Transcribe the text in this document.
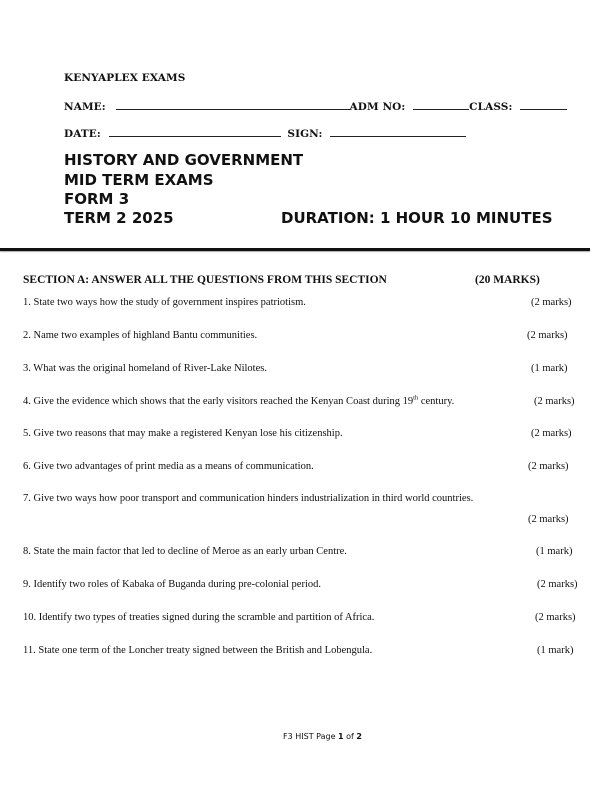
KENYAPLEX EXAMS
NAME:	ADM NO:	CLASS:
DATE:	SIGN:
HISTORY AND GOVERNMENT
MID TERM EXAMS
FORM 3
TERM 2 2025	DURATION: 1 HOUR 10 MINUTES
SECTION A: ANSWER ALL THE QUESTIONS FROM THIS SECTION	(20 MARKS)
1. State two ways how the study of government inspires patriotism.	(2 marks)
2. Name two examples of highland Bantu communities.	(2 marks)
3. What was the original homeland of River-Lake Nilotes.	(1 mark)
4. Give the evidence which shows that the early visitors reached the Kenyan Coast during 19th century.	(2 marks)
5. Give two reasons that may make a registered Kenyan lose his citizenship.	(2 marks)
6. Give two advantages of print media as a means of communication.	(2 marks)
7. Give two ways how poor transport and communication hinders industrialization in third world countries.
(2 marks)
8. State the main factor that led to decline of Meroe as an early urban Centre.	(1 mark)
9. Identify two roles of Kabaka of Buganda during pre-colonial period.	(2 marks)
10. Identify two types of treaties signed during the scramble and partition of Africa.	(2 marks)
11. State one term of the Loncher treaty signed between the British and Lobengula.	(1 mark)
F3 HIST Page 1 of 2
